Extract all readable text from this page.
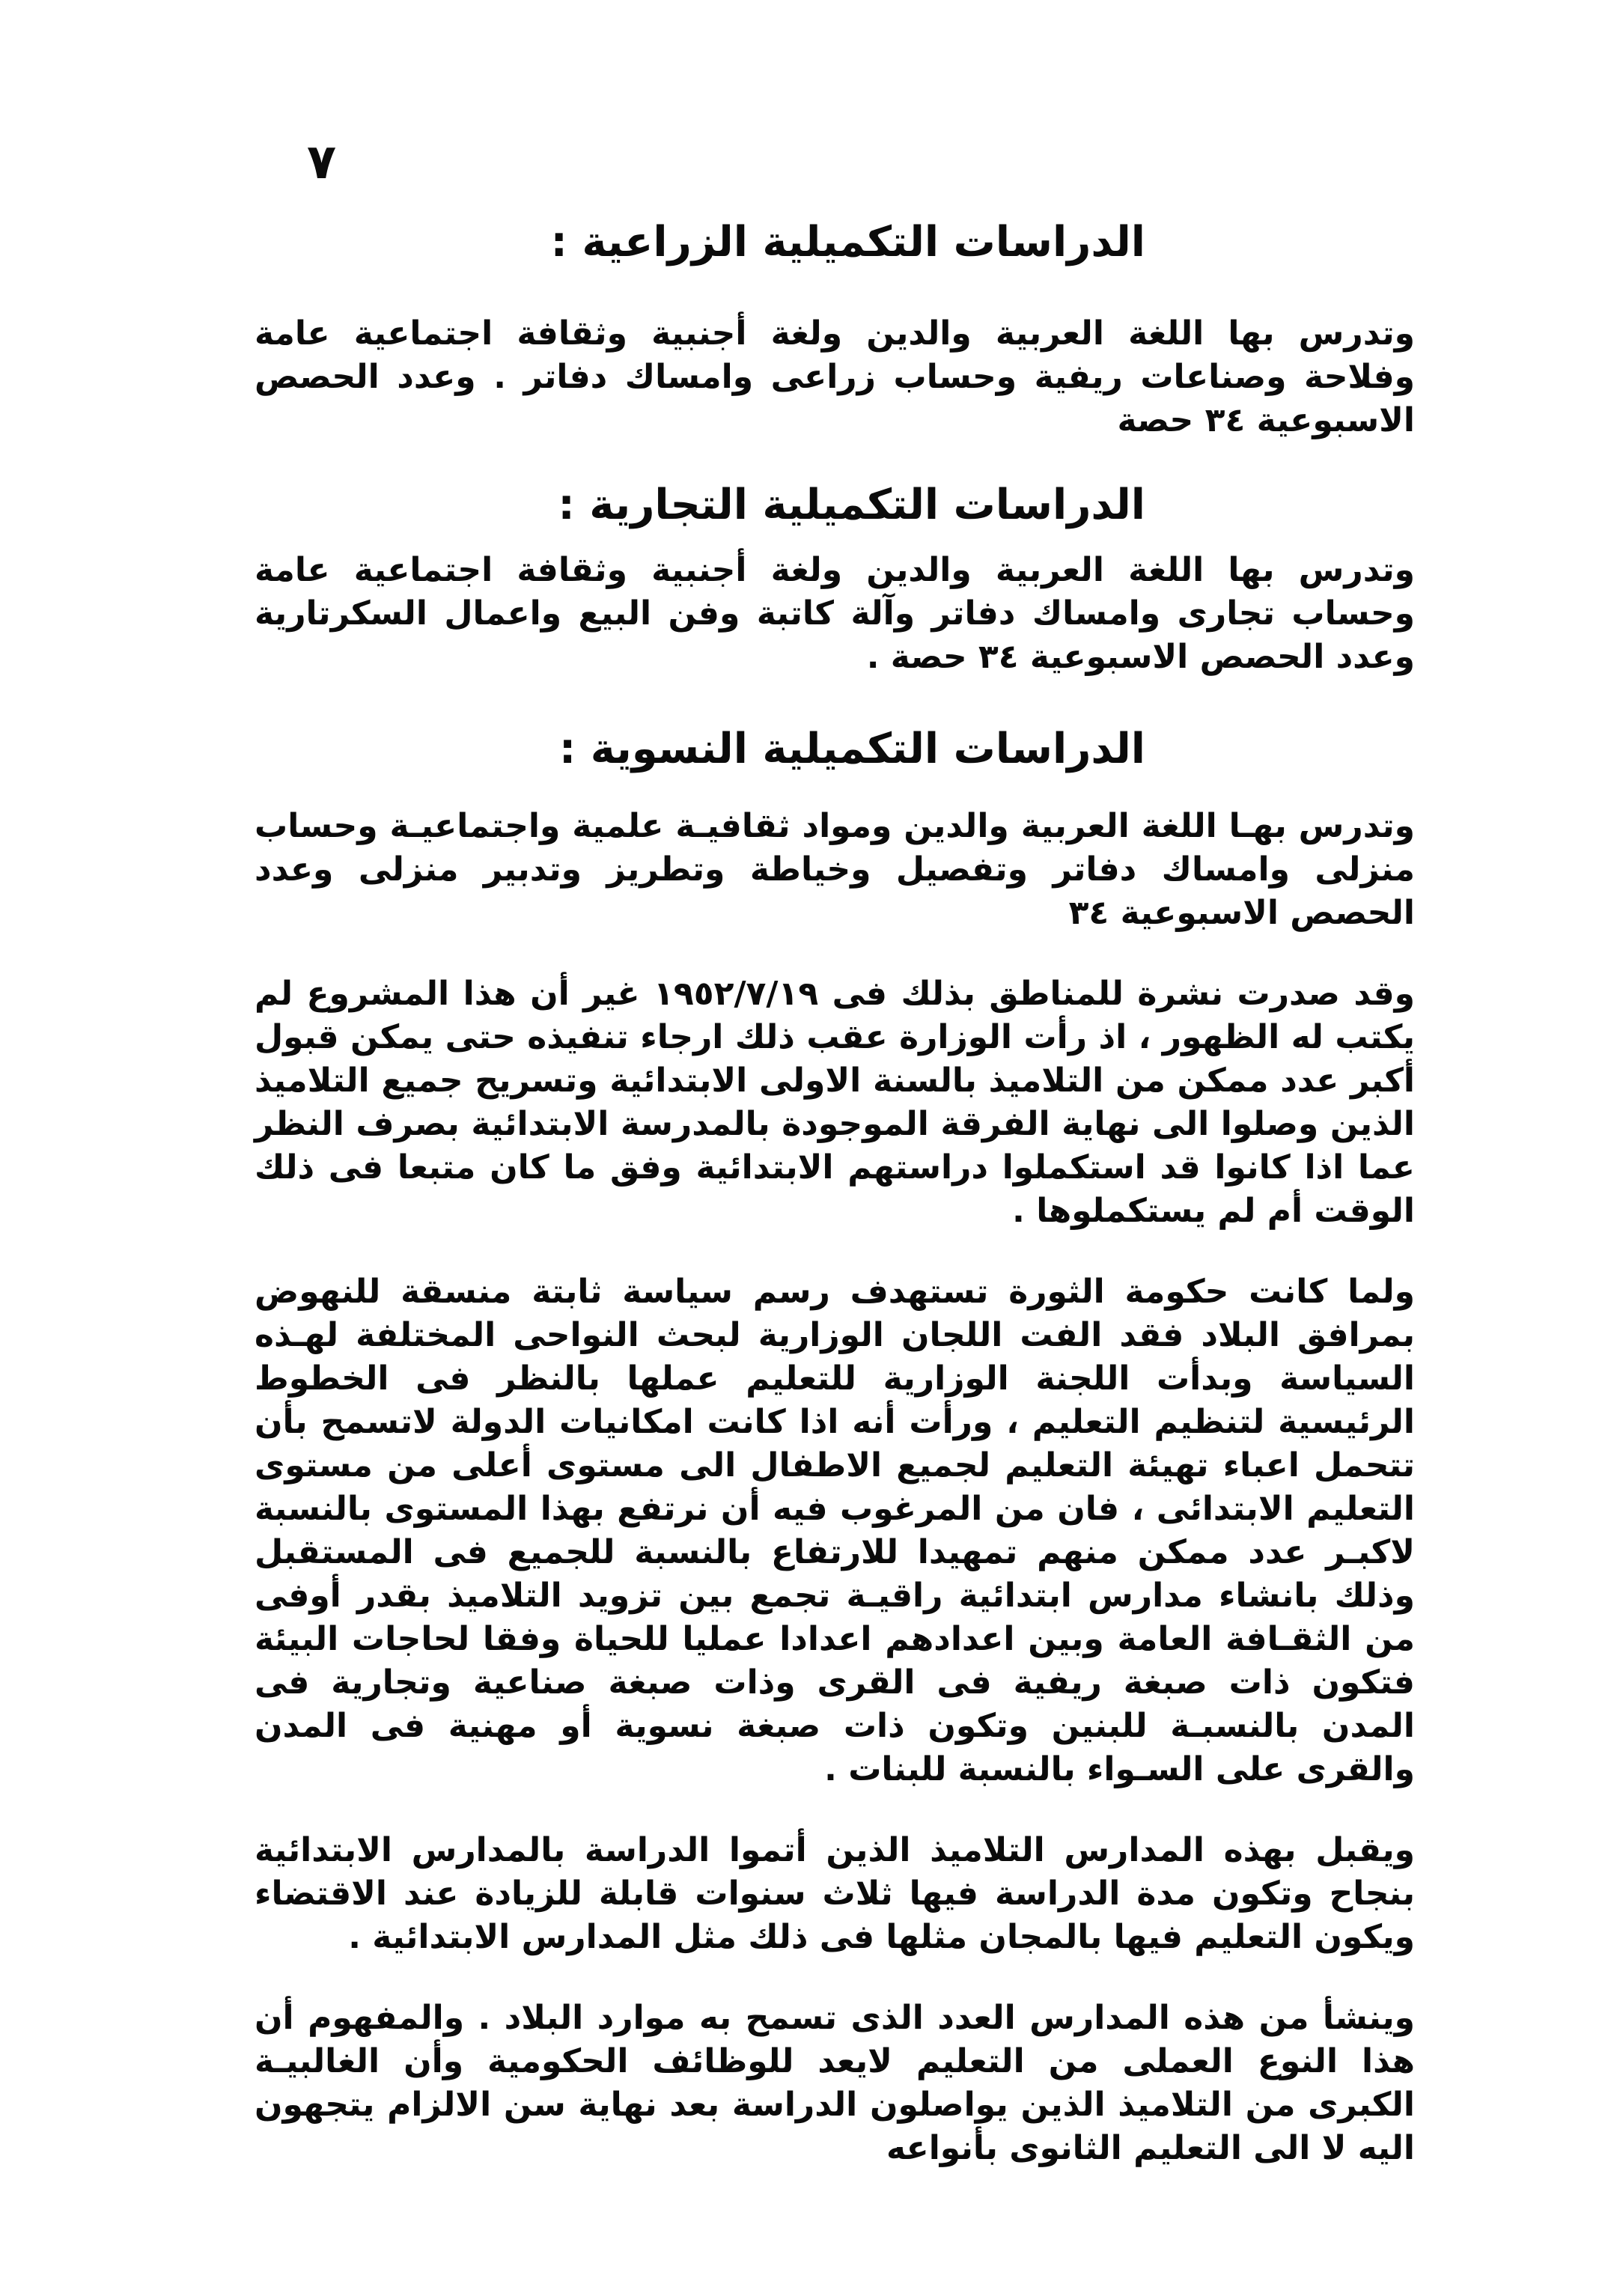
٧

الدراسات التكميلية الزراعية :

وتدرس بها اللغة العربية والدين ولغة أجنبية وثقافة اجتماعية عامة وفلاحة وصناعات ريفية وحساب زراعى وامساك دفاتر . وعدد الحصص الاسبوعية ٣٤ حصة

الدراسات التكميلية التجارية :

وتدرس بها اللغة العربية والدين ولغة أجنبية وثقافة اجتماعية عامة وحساب تجارى وامساك دفاتر وآلة كاتبة وفن البيع واعمال السكرتارية وعدد الحصص الاسبوعية ٣٤ حصة .

الدراسات التكميلية النسوية :

وتدرس بهـا اللغة العربية والدين ومواد ثقافيـة علمية واجتماعيـة وحساب منزلى وامساك دفاتر وتفصيل وخياطة وتطريز وتدبير منزلى وعدد الحصص الاسبوعية ٣٤

وقد صدرت نشرة للمناطق بذلك فى ١٩٥٢/٧/١٩ غير أن هذا المشروع لم يكتب له الظهور ، اذ رأت الوزارة عقب ذلك ارجاء تنفيذه حتى يمكن قبول أكبر عدد ممكن من التلاميذ بالسنة الاولى الابتدائية وتسريح جميع التلاميذ الذين وصلوا الى نهاية الفرقة الموجودة بالمدرسة الابتدائية بصرف النظر عما اذا كانوا قد استكملوا دراستهم الابتدائية وفق ما كان متبعا فى ذلك الوقت أم لم يستكملوها .

ولما كانت حكومة الثورة تستهدف رسم سياسة ثابتة منسقة للنهوض بمرافق البلاد فقد الفت اللجان الوزارية لبحث النواحى المختلفة لهـذه السياسة وبدأت اللجنة الوزارية للتعليم عملها بالنظر فى الخطوط الرئيسية لتنظيم التعليم ، ورأت أنه اذا كانت امكانيات الدولة لاتسمح بأن تتحمل اعباء تهيئة التعليم لجميع الاطفال الى مستوى أعلى من مستوى التعليم الابتدائى ، فان من المرغوب فيه أن نرتفع بهذا المستوى بالنسبة لاكبـر عدد ممكن منهم تمهيدا للارتفاع بالنسبة للجميع فى المستقبل وذلك بانشاء مدارس ابتدائية راقيـة تجمع بين تزويد التلاميذ بقدر أوفى من الثقـافة العامة وبين اعدادهم اعدادا عمليا للحياة وفقا لحاجات البيئة فتكون ذات صبغة ريفية فى القرى وذات صبغة صناعية وتجارية فى المدن بالنسبـة للبنين وتكون ذات صبغة نسوية أو مهنية فى المدن والقرى على السـواء بالنسبة للبنات .

ويقبل بهذه المدارس التلاميذ الذين أتموا الدراسة بالمدارس الابتدائية بنجاح وتكون مدة الدراسة فيها ثلاث سنوات قابلة للزيادة عند الاقتضاء ويكون التعليم فيها بالمجان مثلها فى ذلك مثل المدارس الابتدائية .

وينشأ من هذه المدارس العدد الذى تسمح به موارد البلاد . والمفهوم أن هذا النوع العملى من التعليم لايعد للوظائف الحكومية وأن الغالبيـة الكبرى من التلاميذ الذين يواصلون الدراسة بعد نهاية سن الالزام يتجهون اليه لا الى التعليم الثانوى بأنواعه
